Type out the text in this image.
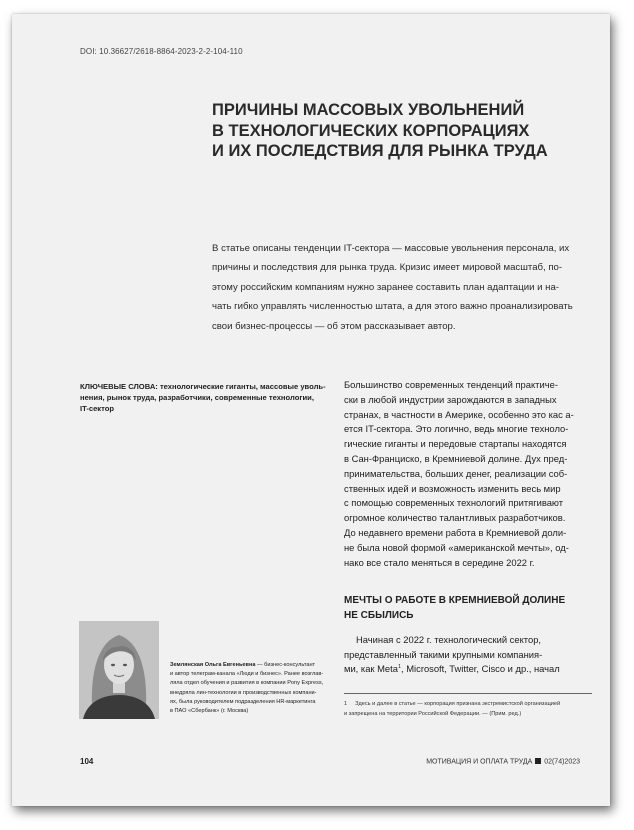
DOI: 10.36627/2618-8864-2023-2-2-104-110
ПРИЧИНЫ МАССОВЫХ УВОЛЬНЕНИЙ
В ТЕХНОЛОГИЧЕСКИХ КОРПОРАЦИЯХ
И ИХ ПОСЛЕДСТВИЯ ДЛЯ РЫНКА ТРУДА
В статье описаны тенденции IT-сектора — массовые увольнения персонала, их
причины и последствия для рынка труда. Кризис имеет мировой масштаб, по-
этому российским компаниям нужно заранее составить план адаптации и на-
чать гибко управлять численностью штата, а для этого важно проанализировать
свои бизнес-процессы — об этом рассказывает автор.
КЛЮЧЕВЫЕ СЛОВА: технологические гиганты, массовые уволь-
нения, рынок труда, разработчики, современные технологии,
IT-сектор
Большинство современных тенденций практиче-
ски в любой индустрии зарождаются в западных
странах, в частности в Америке, особенно это кас а-
ется IT-сектора. Это логично, ведь многие техноло-
гические гиганты и передовые стартапы находятся
в Сан-Франциско, в Кремниевой долине. Дух пред-
принимательства, больших денег, реализации соб-
ственных идей и возможность изменить весь мир
с помощью современных технологий притягивают
огромное количество талантливых разработчиков.
До недавнего времени работа в Кремниевой доли-
не была новой формой «американской мечты», од-
нако все стало меняться в середине 2022 г.
МЕЧТЫ О РАБОТЕ В КРЕМНИЕВОЙ ДОЛИНЕ
НЕ СБЫЛИСЬ
Начиная с 2022 г. технологический сектор,
представленный такими крупными компания-
ми, как Meta$^1$, Microsoft, Twitter, Cisco и др., начал
1 Здесь и далее в статье — корпорация признана экстремистской организацией
и запрещена на территории Российской Федерации. — (Прим. ред.)
Землянская Ольга Евгеньевна — бизнес-консультант
и автор телеграм-канала «Люди и бизнес». Ранее возглав-
ляла отдел обучения и развития в компании Pony Express,
внедряла лин-технологии в производственных компани-
ях, была руководителем подразделения HR-маркетинга
в ПАО «Сбербанк» (г. Москва)
104	МОТИВАЦИЯ И ОПЛАТА ТРУДА 02(74)2023
